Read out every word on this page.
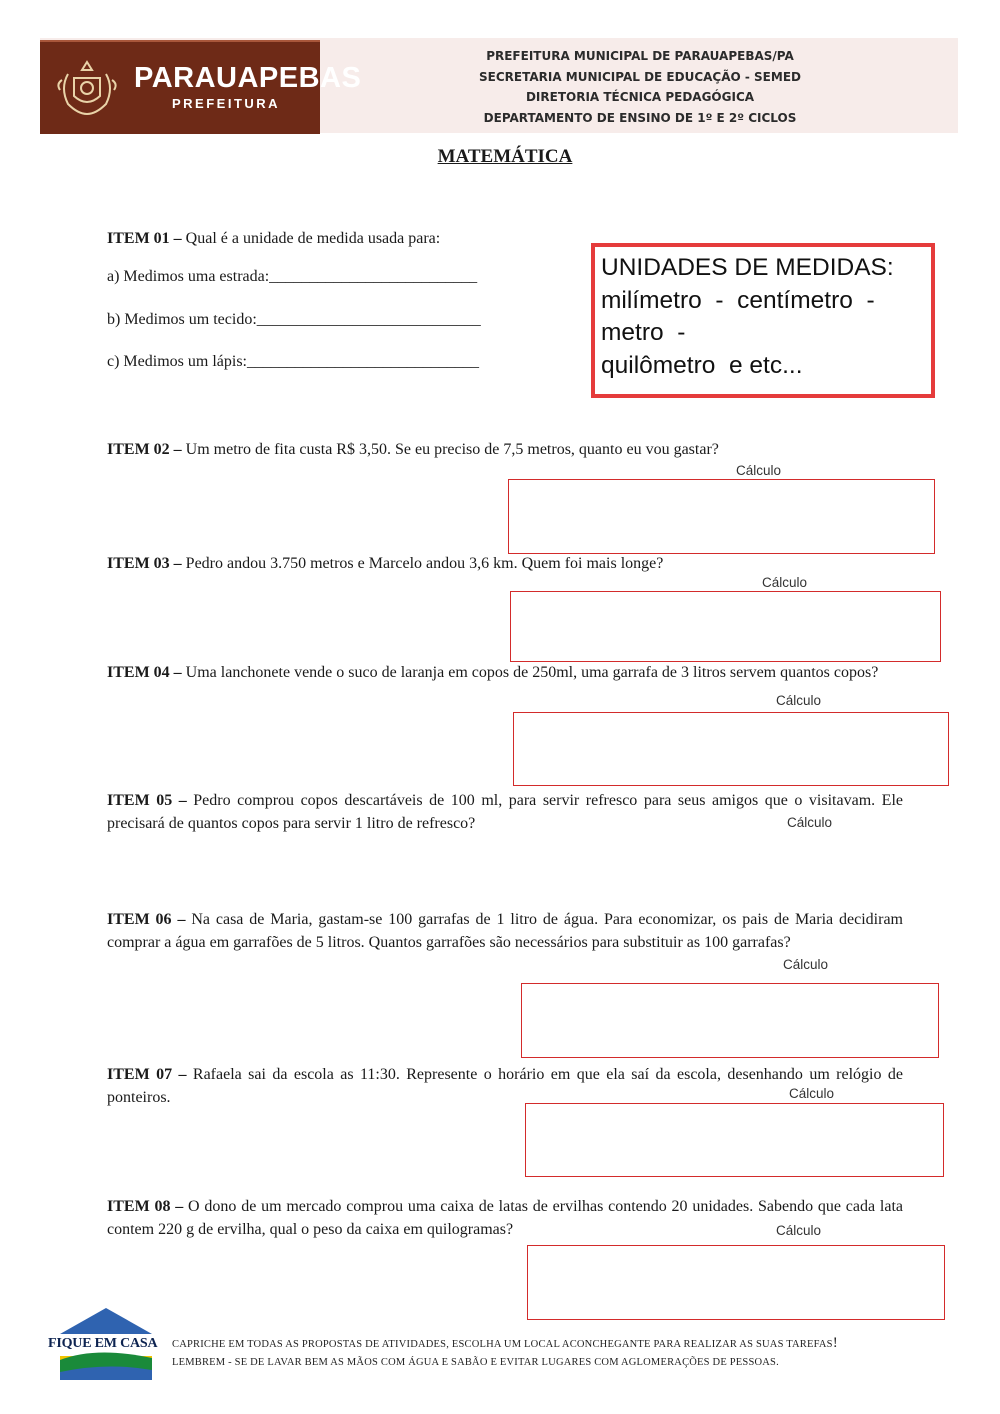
PARAUAPEBAS
PREFEITURA
PREFEITURA MUNICIPAL DE PARAUAPEBAS/PA
SECRETARIA MUNICIPAL DE EDUCAÇÃO - SEMED
DIRETORIA TÉCNICA PEDAGÓGICA
DEPARTAMENTO DE ENSINO DE 1º E 2º CICLOS
MATEMÁTICA
ITEM 01 – Qual é a unidade de medida usada para:
a) Medimos uma estrada:__________________________
b) Medimos um tecido:____________________________
c) Medimos um lápis:_____________________________
UNIDADES DE MEDIDAS:
milímetro  -  centímetro  -
metro  -
quilômetro  e etc...
ITEM 02 – Um metro de fita custa R$ 3,50. Se eu preciso de 7,5 metros, quanto eu vou gastar?
Cálculo
ITEM 03 – Pedro andou 3.750 metros e Marcelo andou 3,6 km. Quem foi mais longe?
Cálculo
ITEM 04 – Uma lanchonete vende o suco de laranja em copos de 250ml, uma garrafa de 3 litros servem quantos copos?
Cálculo
ITEM 05 – Pedro comprou copos descartáveis de 100 ml, para servir refresco para seus amigos que o visitavam. Ele precisará de quantos copos para servir 1 litro de refresco?	Cálculo
ITEM 06 – Na casa de Maria, gastam-se 100 garrafas de 1 litro de água. Para economizar, os pais de Maria decidiram comprar a água em garrafões de 5 litros. Quantos garrafões são necessários para substituir as 100 garrafas?
Cálculo
ITEM 07 – Rafaela sai da escola as 11:30. Represente o horário em que ela saí da escola, desenhando um relógio de ponteiros.	Cálculo
ITEM 08 – O dono de um mercado comprou uma caixa de latas de ervilhas contendo 20 unidades. Sabendo que cada lata contem 220 g de ervilha, qual o peso da caixa em quilogramas?	Cálculo
FIQUE EM CASA CAPRICHE EM TODAS AS PROPOSTAS DE ATIVIDADES, ESCOLHA UM LOCAL ACONCHEGANTE PARA REALIZAR AS SUAS TAREFAS!
LEMBREM - SE DE LAVAR BEM AS MÃOS COM ÁGUA E SABÃO E EVITAR LUGARES COM AGLOMERAÇÕES DE PESSOAS.
